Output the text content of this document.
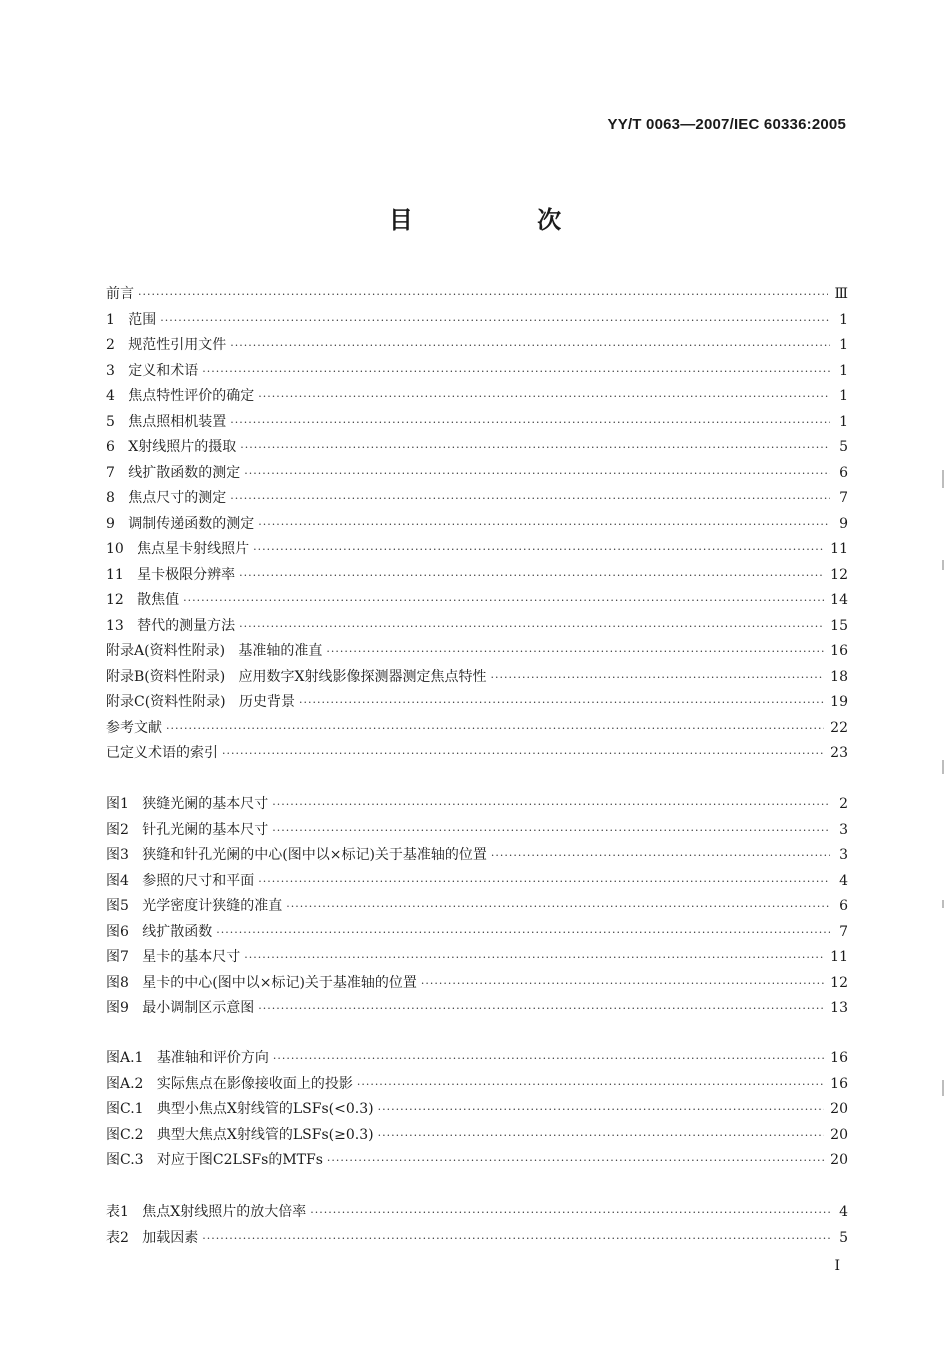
YY/T 0063—2007/IEC 60336:2005
目 次
前言 ·····	Ⅲ
1   范围 ·····	1
2   规范性引用文件 ·····	1
3   定义和术语 ·····	1
4   焦点特性评价的确定 ·····	1
5   焦点照相机装置 ·····	1
6   X射线照片的摄取 ·····	5
7   线扩散函数的测定 ·····	6
8   焦点尺寸的测定 ·····	7
9   调制传递函数的测定 ·····	9
10   焦点星卡射线照片 ·····	11
11   星卡极限分辨率 ·····	12
12   散焦值 ·····	14
13   替代的测量方法 ·····	15
附录A(资料性附录)   基准轴的准直 ·····	16
附录B(资料性附录)   应用数字X射线影像探测器测定焦点特性 ·····	18
附录C(资料性附录)   历史背景 ·····	19
参考文献 ·····	22
已定义术语的索引 ·····	23
图1   狭缝光阑的基本尺寸 ·····	2
图2   针孔光阑的基本尺寸 ·····	3
图3   狭缝和针孔光阑的中心(图中以×标记)关于基准轴的位置 ·····	3
图4   参照的尺寸和平面 ·····	4
图5   光学密度计狭缝的准直 ·····	6
图6   线扩散函数 ·····	7
图7   星卡的基本尺寸 ·····	11
图8   星卡的中心(图中以×标记)关于基准轴的位置 ·····	12
图9   最小调制区示意图 ·····	13
图A.1   基准轴和评价方向 ·····	16
图A.2   实际焦点在影像接收面上的投影 ·····	16
图C.1   典型小焦点X射线管的LSFs(<0.3) ·····	20
图C.2   典型大焦点X射线管的LSFs(≥0.3) ·····	20
图C.3   对应于图C2LSFs的MTFs ·····	20
表1   焦点X射线照片的放大倍率 ·····	4
表2   加载因素 ·····	5
Ⅰ
